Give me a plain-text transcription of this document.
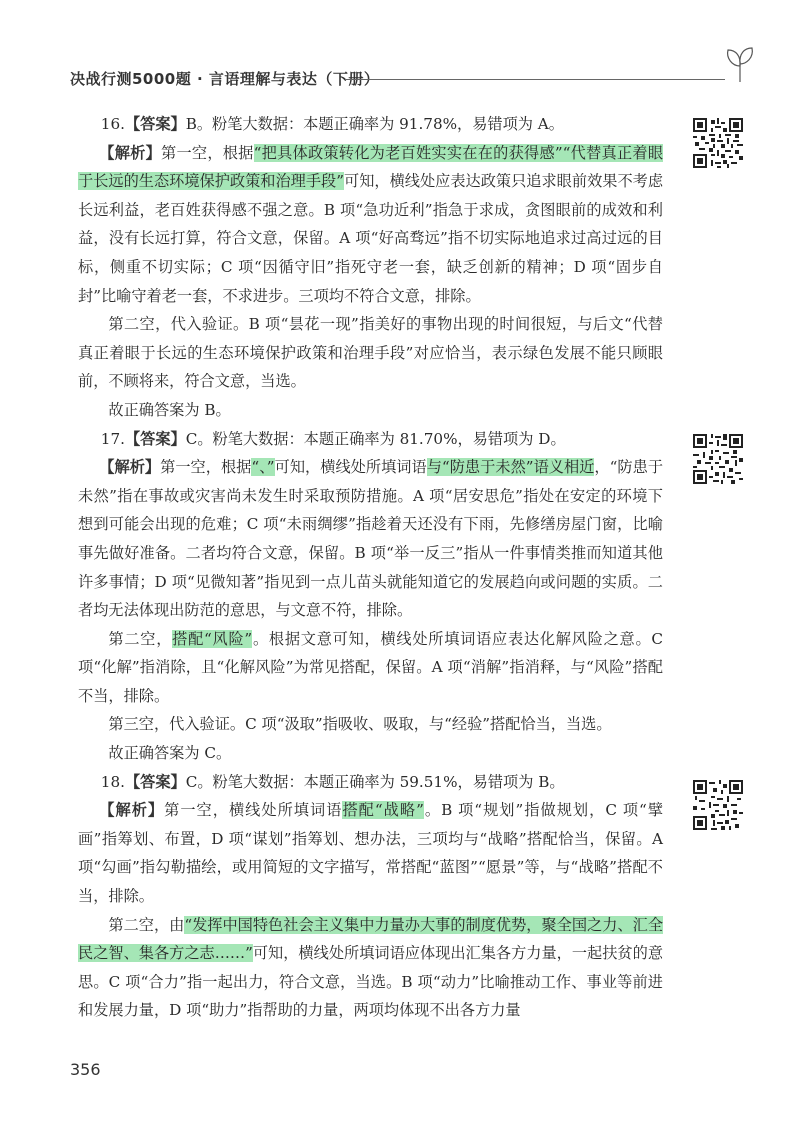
决战行测5000题 · 言语理解与表达（下册）

16.【答案】B。粉笔大数据：本题正确率为 91.78%，易错项为 A。

【解析】第一空，根据“把具体政策转化为老百姓实实在在的获得感”“代替真正着眼于长远的生态环境保护政策和治理手段”可知，横线处应表达政策只追求眼前效果不考虑长远利益，老百姓获得感不强之意。B 项“急功近利”指急于求成，贪图眼前的成效和利益，没有长远打算，符合文意，保留。A 项“好高骛远”指不切实际地追求过高过远的目标，侧重不切实际；C 项“因循守旧”指死守老一套，缺乏创新的精神；D 项“固步自封”比喻守着老一套，不求进步。三项均不符合文意，排除。

第二空，代入验证。B 项“昙花一现”指美好的事物出现的时间很短，与后文“代替真正着眼于长远的生态环境保护政策和治理手段”对应恰当，表示绿色发展不能只顾眼前，不顾将来，符合文意，当选。

故正确答案为 B。

17.【答案】C。粉笔大数据：本题正确率为 81.70%，易错项为 D。

【解析】第一空，根据“、”可知，横线处所填词语与“防患于未然”语义相近，“防患于未然”指在事故或灾害尚未发生时采取预防措施。A 项“居安思危”指处在安定的环境下想到可能会出现的危难；C 项“未雨绸缪”指趁着天还没有下雨，先修缮房屋门窗，比喻事先做好准备。二者均符合文意，保留。B 项“举一反三”指从一件事情类推而知道其他许多事情；D 项“见微知著”指见到一点儿苗头就能知道它的发展趋向或问题的实质。二者均无法体现出防范的意思，与文意不符，排除。

第二空，搭配“风险”。根据文意可知，横线处所填词语应表达化解风险之意。C 项“化解”指消除，且“化解风险”为常见搭配，保留。A 项“消解”指消释，与“风险”搭配不当，排除。

第三空，代入验证。C 项“汲取”指吸收、吸取，与“经验”搭配恰当，当选。

故正确答案为 C。

18.【答案】C。粉笔大数据：本题正确率为 59.51%，易错项为 B。

【解析】第一空，横线处所填词语搭配“战略”。B 项“规划”指做规划，C 项“擘画”指筹划、布置，D 项“谋划”指筹划、想办法，三项均与“战略”搭配恰当，保留。A 项“勾画”指勾勒描绘，或用简短的文字描写，常搭配“蓝图”“愿景”等，与“战略”搭配不当，排除。

第二空，由“发挥中国特色社会主义集中力量办大事的制度优势，聚全国之力、汇全民之智、集各方之志……”可知，横线处所填词语应体现出汇集各方力量，一起扶贫的意思。C 项“合力”指一起出力，符合文意，当选。B 项“动力”比喻推动工作、事业等前进和发展力量，D 项“助力”指帮助的力量，两项均体现不出各方力量

356
